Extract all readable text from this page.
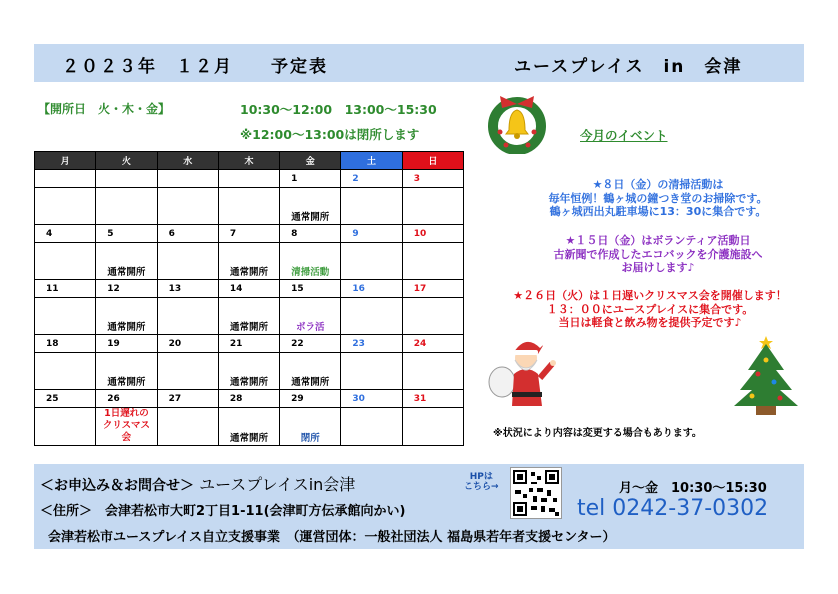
２０２３年　１２月　　予定表	ユースプレイス　in　会津
【開所日　火・木・金】	10:30～12:00　13:00～15:30
※12:00～13:00は閉所します
月	火	水	木	金	土	日
				1	2	3
				通常開所		
4	5	6	7	8	9	10
	通常開所		通常開所	清掃活動		
11	12	13	14	15	16	17
	通常開所		通常開所	ボラ活		
18	19	20	21	22	23	24
	通常開所		通常開所	通常開所		
25	26	27	28	29	30	31
	1日遅れのクリスマス会		通常開所	閉所		
今月のイベント
★８日（金）の清掃活動は
毎年恒例！鶴ヶ城の鐘つき堂のお掃除です。
鶴ヶ城西出丸駐車場に13：30に集合です。
★１５日（金）はボランティア活動日
古新聞で作成したエコバックを介護施設へ
お届けします♪
★２６日（火）は１日遅いクリスマス会を開催します！
１３：００にユースプレイスに集合です。
当日は軽食と飲み物を提供予定です♪
※状況により内容は変更する場合もあります。
＜お申込み＆お問合せ＞ ユースプレイスin会津	HPは
こちら→	月～金　10:30～15:30
＜住所＞　会津若松市大町2丁目1-11(会津町方伝承館向かい)	tel 0242-37-0302
会津若松市ユースプレイス自立支援事業　（運営団体：一般社団法人 福島県若年者支援センター）
